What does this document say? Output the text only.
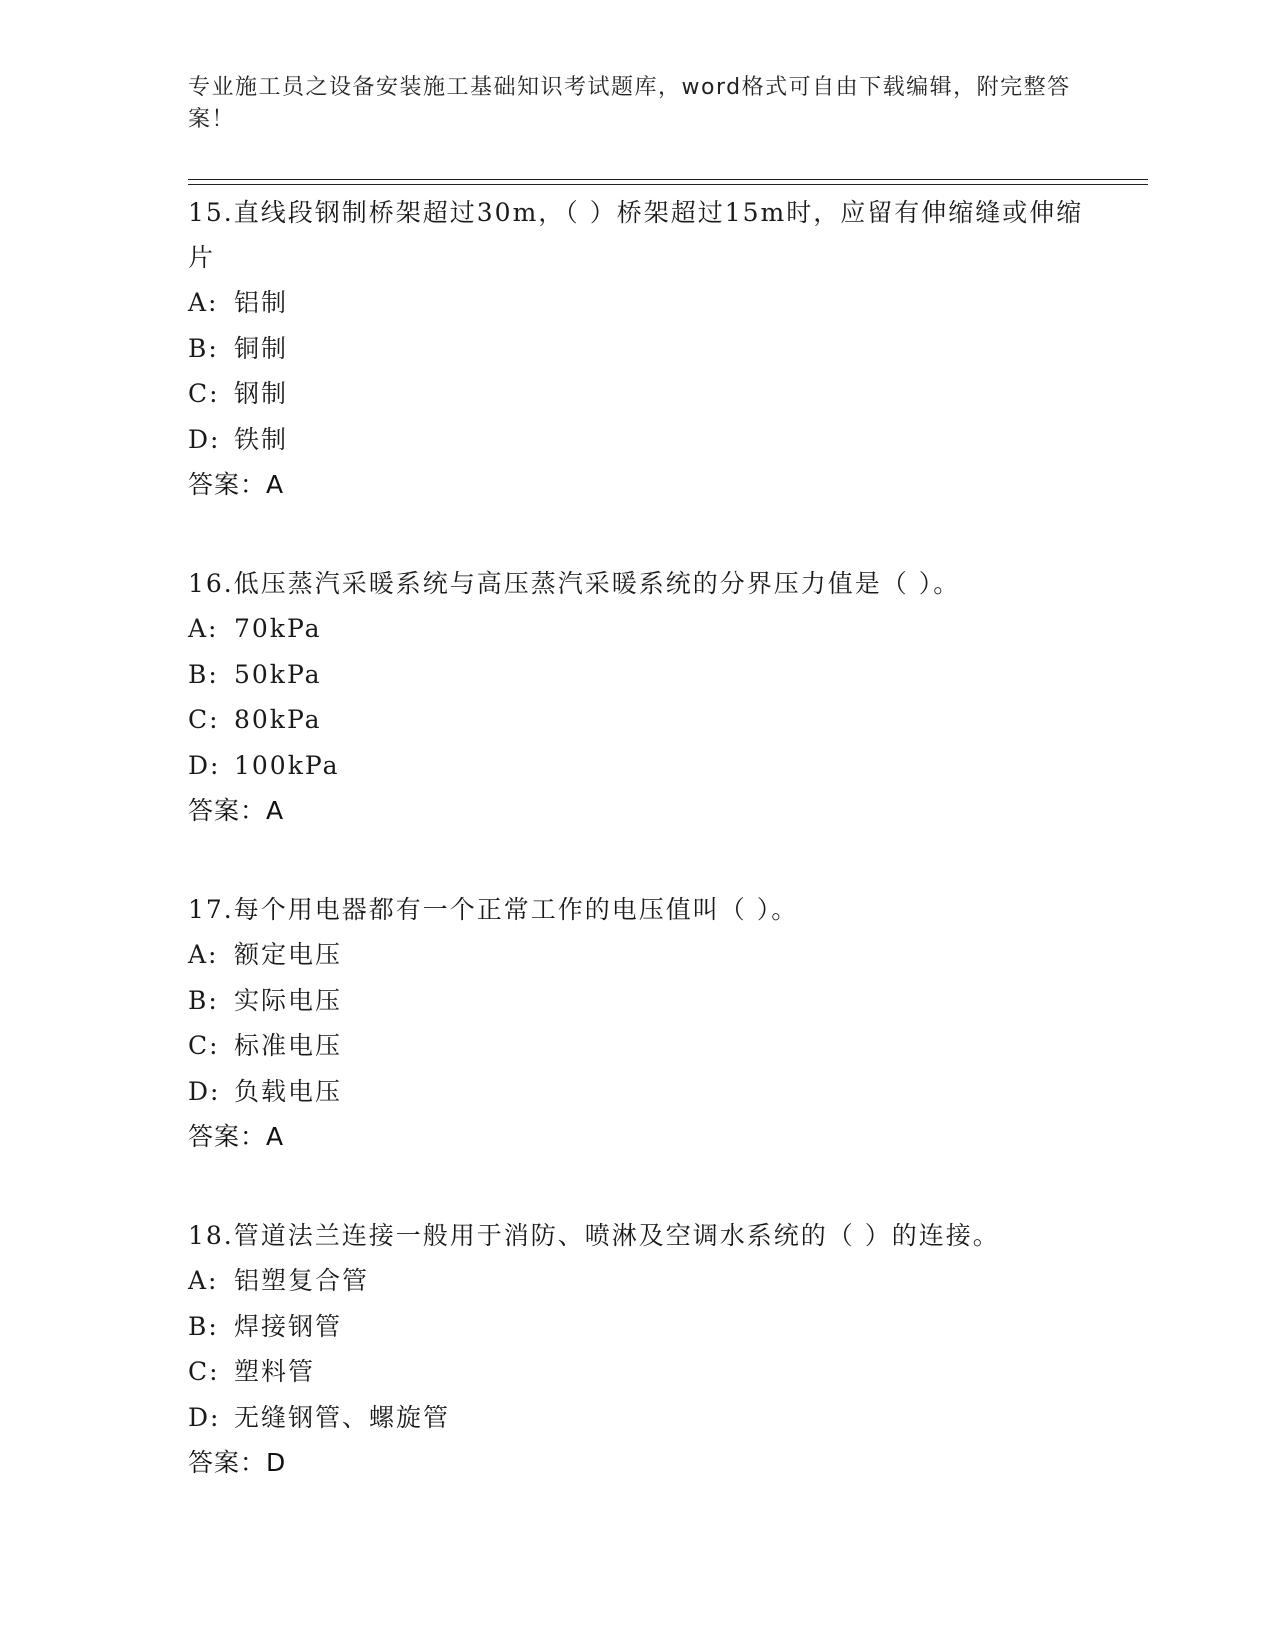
专业施工员之设备安装施工基础知识考试题库，word格式可自由下载编辑，附完整答案！
15.直线段钢制桥架超过30m，（ ）桥架超过15m时，应留有伸缩缝或伸缩片
A: 铝制
B: 铜制
C: 钢制
D: 铁制
答案：A
16.低压蒸汽采暖系统与高压蒸汽采暖系统的分界压力值是（ ）。
A: 70kPa
B: 50kPa
C: 80kPa
D: 100kPa
答案：A
17.每个用电器都有一个正常工作的电压值叫（ ）。
A: 额定电压
B: 实际电压
C: 标准电压
D: 负载电压
答案：A
18.管道法兰连接一般用于消防、喷淋及空调水系统的（ ）的连接。
A: 铝塑复合管
B: 焊接钢管
C: 塑料管
D: 无缝钢管、螺旋管
答案：D
